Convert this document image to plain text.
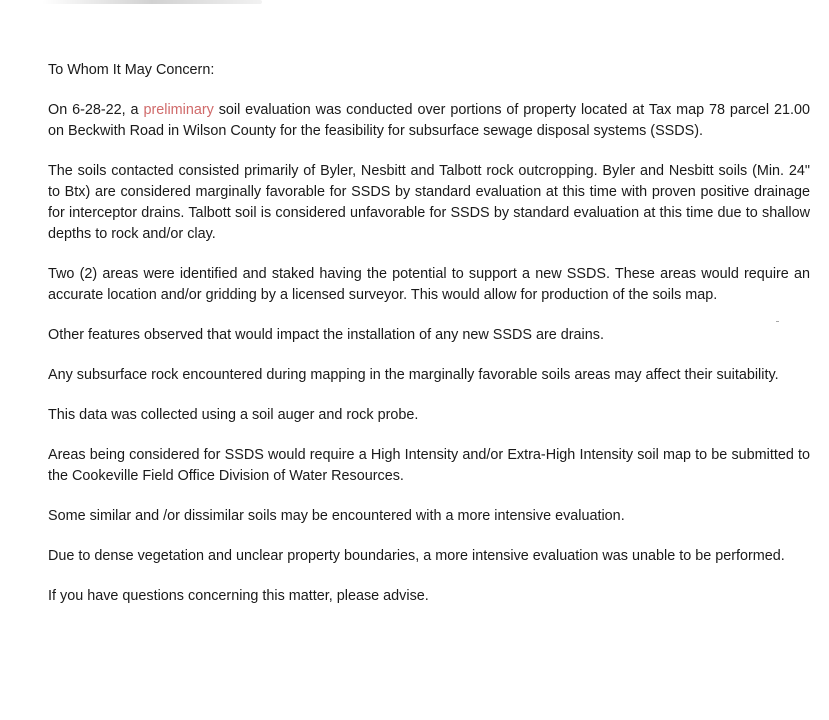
To Whom It May Concern:

On 6-28-22, a preliminary soil evaluation was conducted over portions of property located at Tax map 78 parcel 21.00 on Beckwith Road in Wilson County for the feasibility for subsurface sewage disposal systems (SSDS).

The soils contacted consisted primarily of Byler, Nesbitt and Talbott rock outcropping. Byler and Nesbitt soils (Min. 24" to Btx) are considered marginally favorable for SSDS by standard evaluation at this time with proven positive drainage for interceptor drains. Talbott soil is considered unfavorable for SSDS by standard evaluation at this time due to shallow depths to rock and/or clay.

Two (2) areas were identified and staked having the potential to support a new SSDS. These areas would require an accurate location and/or gridding by a licensed surveyor. This would allow for production of the soils map.

Other features observed that would impact the installation of any new SSDS are drains.

Any subsurface rock encountered during mapping in the marginally favorable soils areas may affect their suitability.

This data was collected using a soil auger and rock probe.

Areas being considered for SSDS would require a High Intensity and/or Extra-High Intensity soil map to be submitted to the Cookeville Field Office Division of Water Resources.

Some similar and /or dissimilar soils may be encountered with a more intensive evaluation.

Due to dense vegetation and unclear property boundaries, a more intensive evaluation was unable to be performed.

If you have questions concerning this matter, please advise.
